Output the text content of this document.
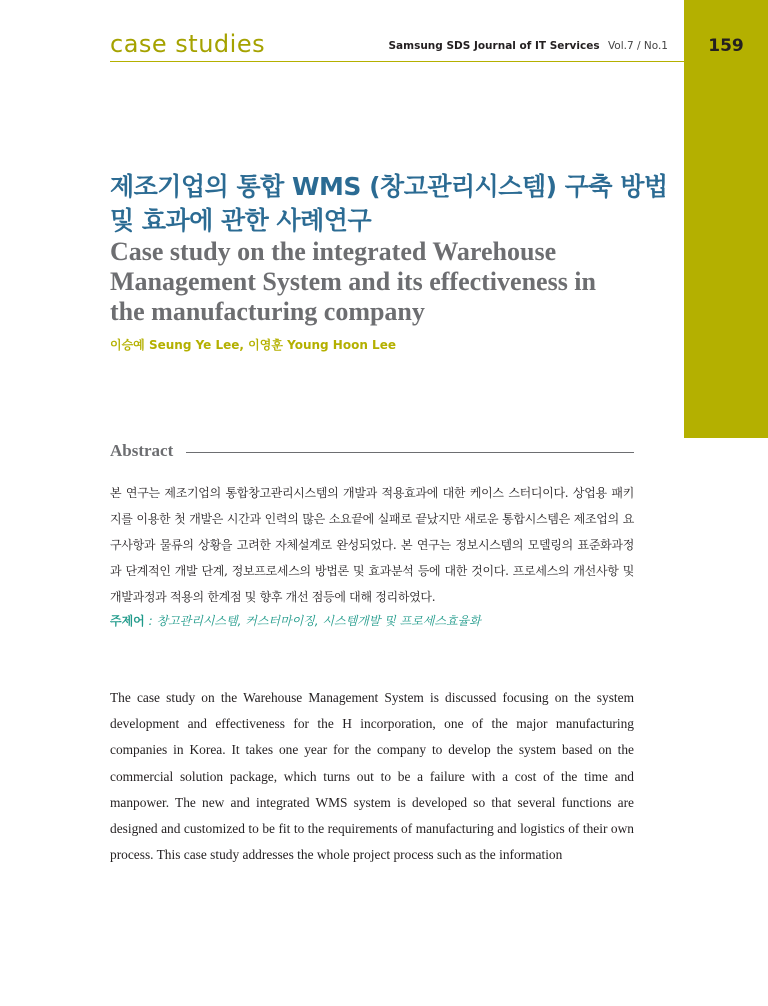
159
case studies	Samsung SDS Journal of IT Services Vol.7 / No.1
제조기업의 통합 WMS (창고관리시스템) 구축 방법 및 효과에 관한 사례연구
Case study on the integrated Warehouse Management System and its effectiveness in the manufacturing company
이승예 Seung Ye Lee, 이영훈 Young Hoon Lee
Abstract

본 연구는 제조기업의 통합창고관리시스템의 개발과 적용효과에 대한 케이스 스터디이다. 상업용 패키지를 이용한 첫 개발은 시간과 인력의 많은 소요끝에 실패로 끝났지만 새로운 통합시스템은 제조업의 요구사항과 물류의 상황을 고려한 자체설계로 완성되었다. 본 연구는 정보시스템의 모델링의 표준화과정과 단계적인 개발 단계, 정보프로세스의 방법론 및 효과분석 등에 대한 것이다. 프로세스의 개선사항 및 개발과정과 적용의 한계점 및 향후 개선 점등에 대해 정리하였다.

주제어 : 창고관리시스템, 커스터마이징, 시스템개발 및 프로세스효율화

The case study on the Warehouse Management System is discussed focusing on the system development and effectiveness for the H incorporation, one of the major manufacturing companies in Korea. It takes one year for the company to develop the system based on the commercial solution package, which turns out to be a failure with a cost of the time and manpower. The new and integrated WMS system is developed so that several functions are designed and customized to be fit to the requirements of manufacturing and logistics of their own process. This case study addresses the whole project process such as the information
